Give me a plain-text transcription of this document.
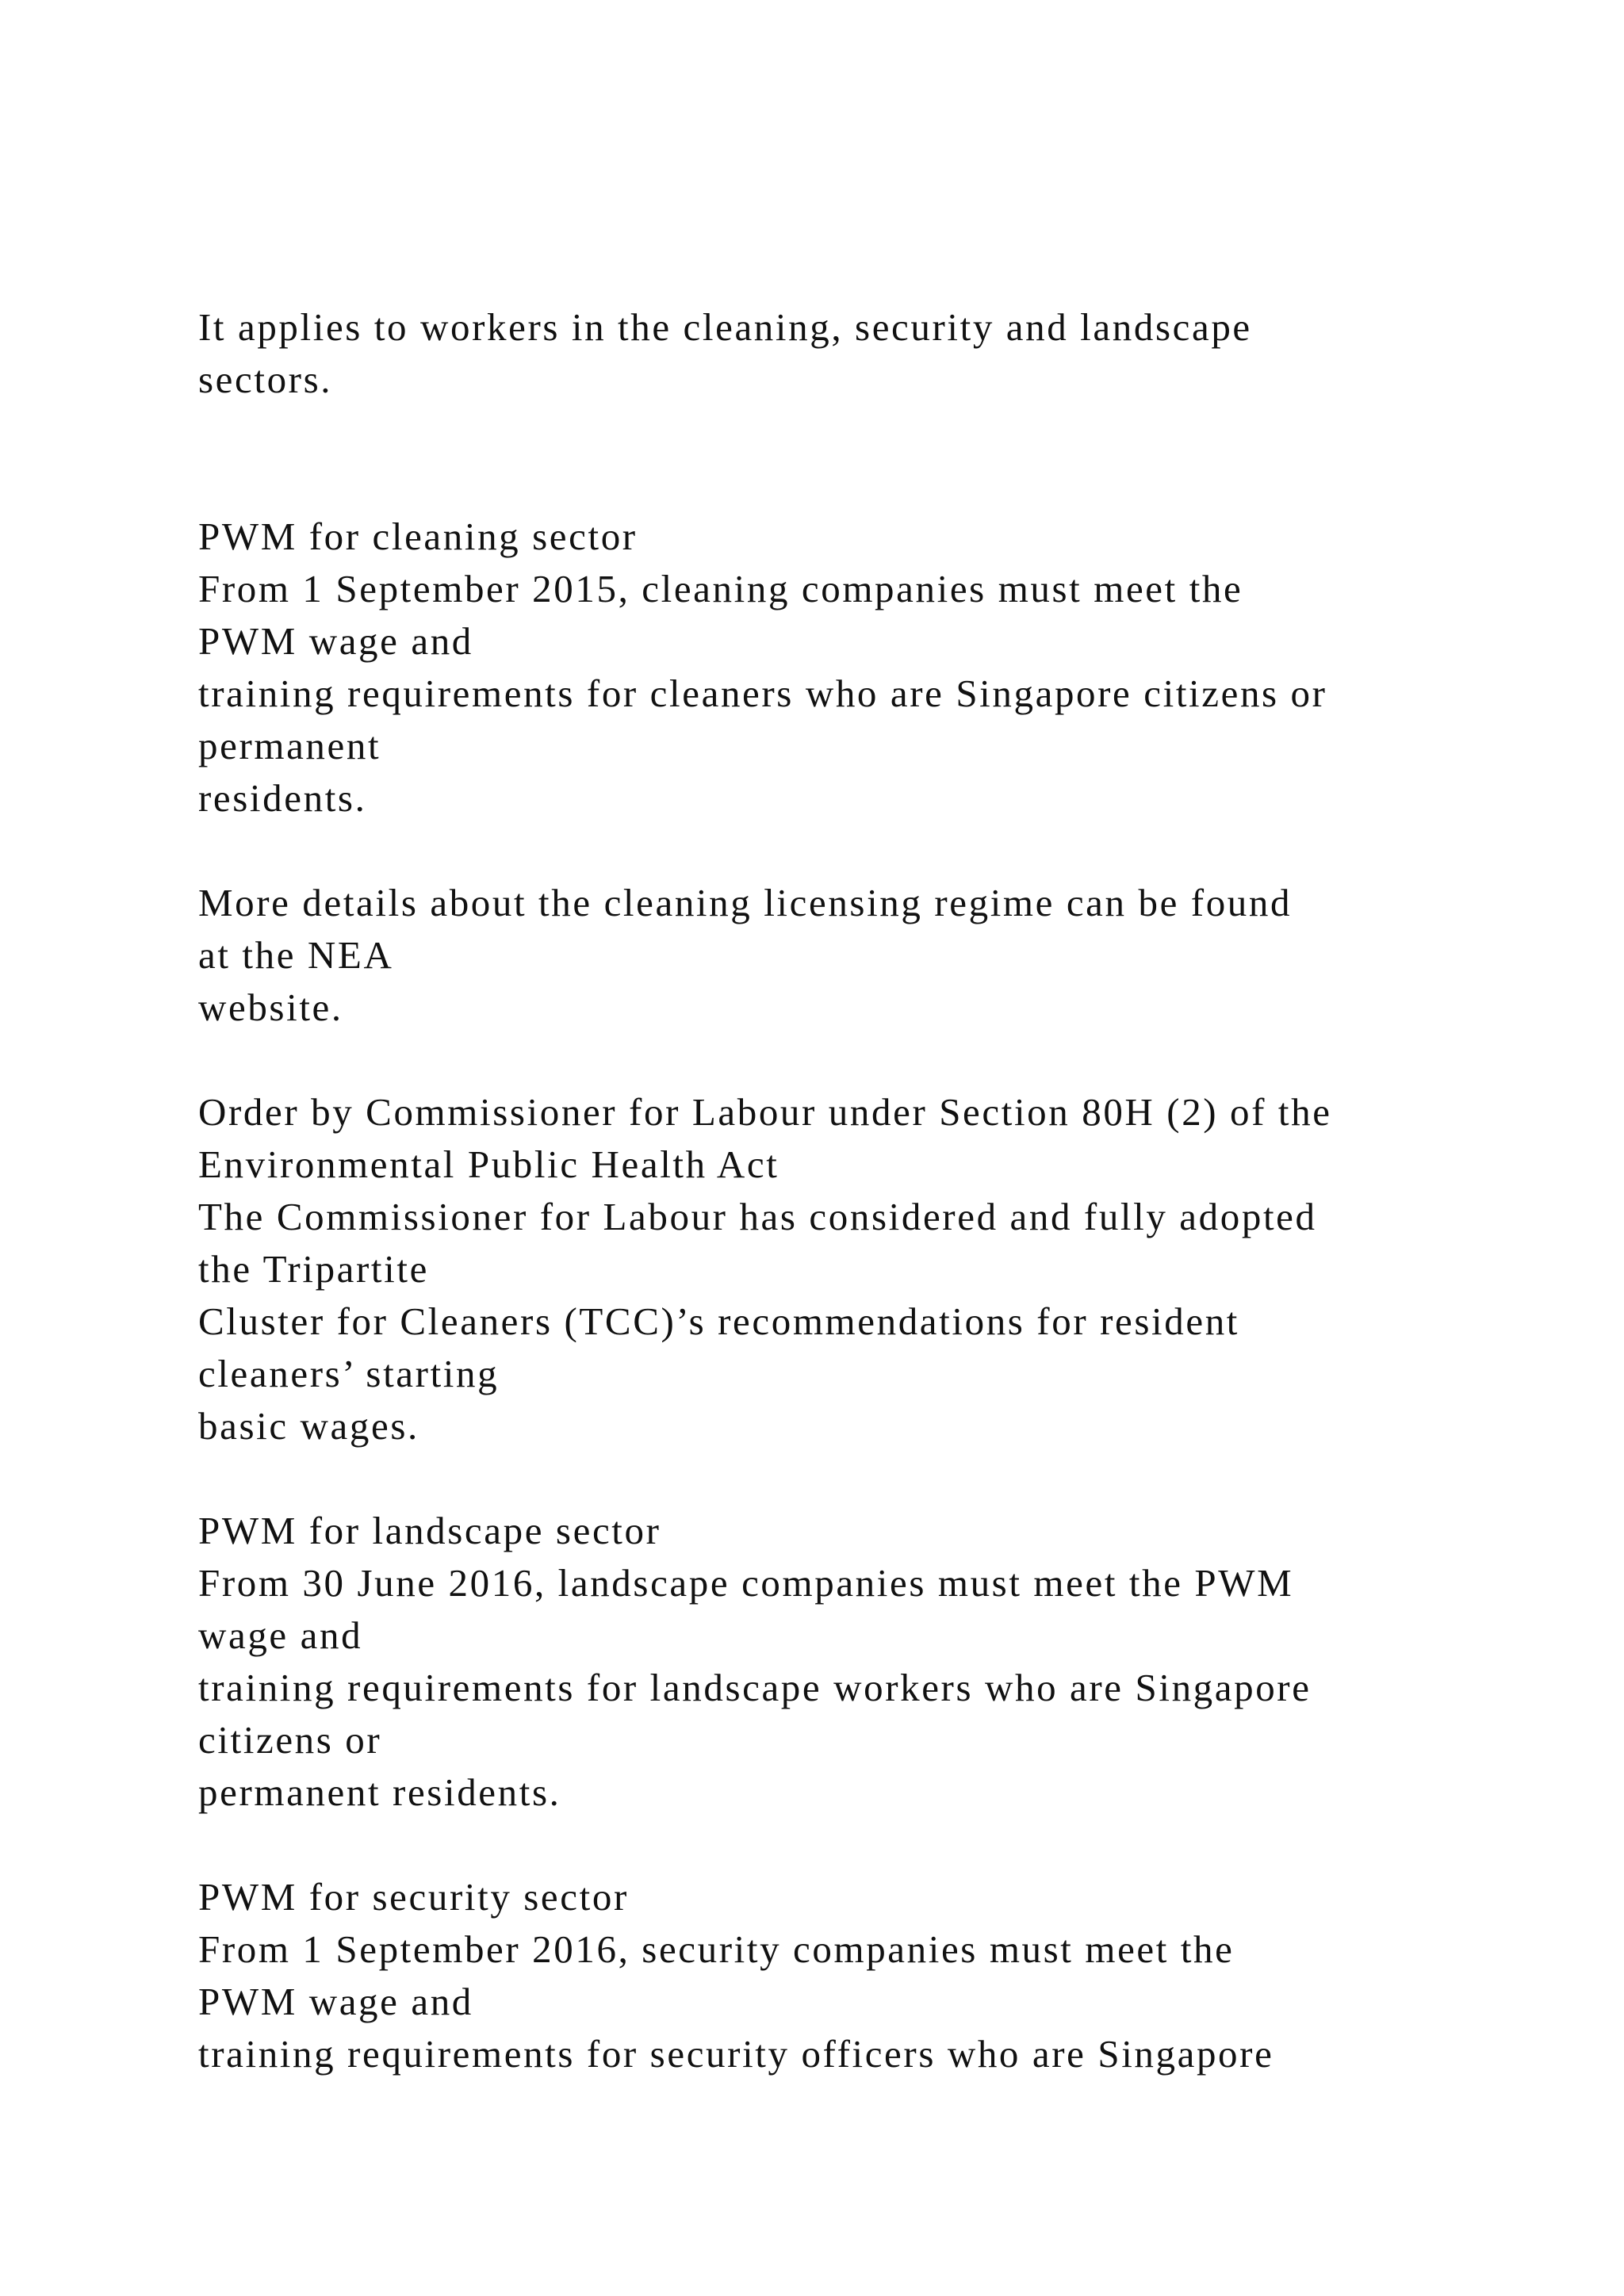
It applies to workers in the cleaning, security and landscape
sectors.
PWM for cleaning sector
From 1 September 2015, cleaning companies must meet the
PWM wage and
training requirements for cleaners who are Singapore citizens or
permanent
residents.
More details about the cleaning licensing regime can be found
at the NEA
website.
Order by Commissioner for Labour under Section 80H (2) of the
Environmental Public Health Act
The Commissioner for Labour has considered and fully adopted
the Tripartite
Cluster for Cleaners (TCC)’s recommendations for resident
cleaners’ starting
basic wages.
PWM for landscape sector
From 30 June 2016, landscape companies must meet the PWM
wage and
training requirements for landscape workers who are Singapore
citizens or
permanent residents.
PWM for security sector
From 1 September 2016, security companies must meet the
PWM wage and
training requirements for security officers who are Singapore
